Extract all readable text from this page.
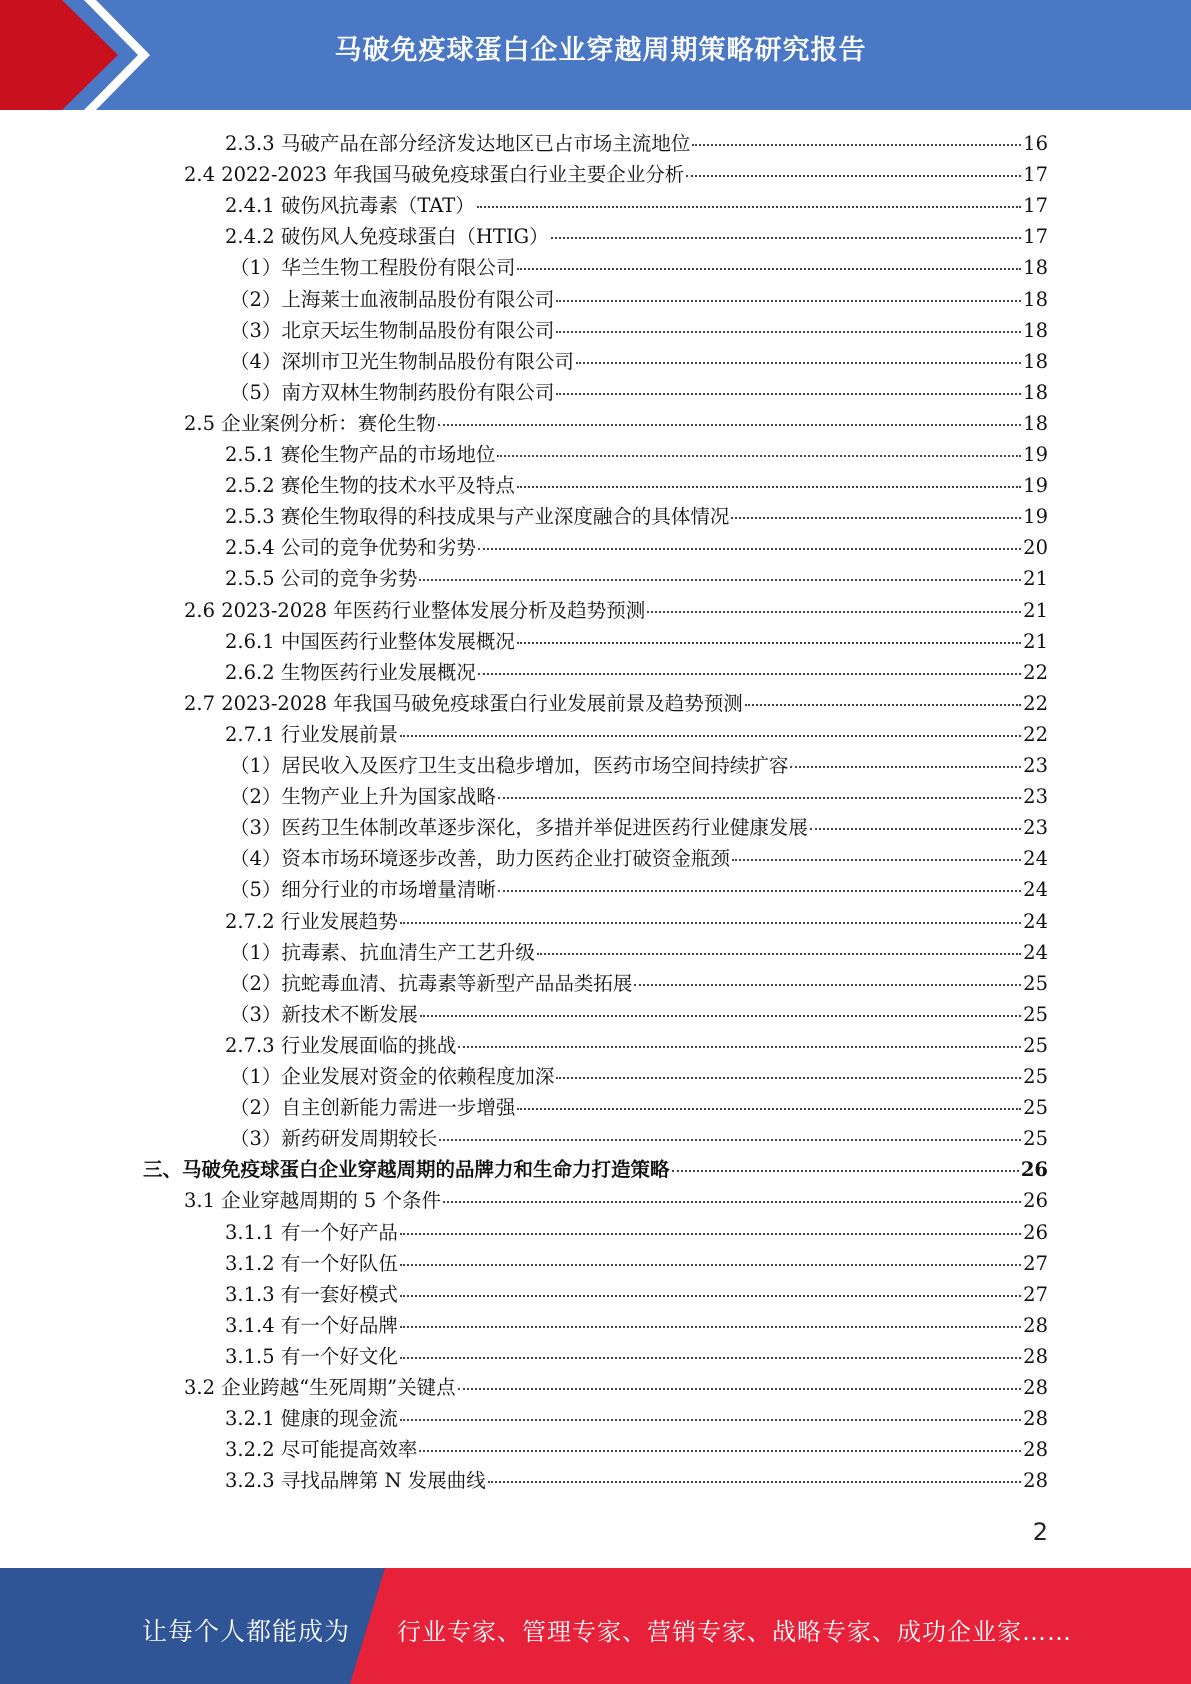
马破免疫球蛋白企业穿越周期策略研究报告
2.3.3 马破产品在部分经济发达地区已占市场主流地位	16
2.4 2022-2023 年我国马破免疫球蛋白行业主要企业分析	17
2.4.1 破伤风抗毒素（TAT）	17
2.4.2 破伤风人免疫球蛋白（HTIG）	17
（1）华兰生物工程股份有限公司	18
（2）上海莱士血液制品股份有限公司	18
（3）北京天坛生物制品股份有限公司	18
（4）深圳市卫光生物制品股份有限公司	18
（5）南方双林生物制药股份有限公司	18
2.5 企业案例分析：赛伦生物	18
2.5.1 赛伦生物产品的市场地位	19
2.5.2 赛伦生物的技术水平及特点	19
2.5.3 赛伦生物取得的科技成果与产业深度融合的具体情况	19
2.5.4 公司的竞争优势和劣势	20
2.5.5 公司的竞争劣势	21
2.6 2023-2028 年医药行业整体发展分析及趋势预测	21
2.6.1 中国医药行业整体发展概况	21
2.6.2 生物医药行业发展概况	22
2.7 2023-2028 年我国马破免疫球蛋白行业发展前景及趋势预测	22
2.7.1 行业发展前景	22
（1）居民收入及医疗卫生支出稳步增加，医药市场空间持续扩容	23
（2）生物产业上升为国家战略	23
（3）医药卫生体制改革逐步深化，多措并举促进医药行业健康发展	23
（4）资本市场环境逐步改善，助力医药企业打破资金瓶颈	24
（5）细分行业的市场增量清晰	24
2.7.2 行业发展趋势	24
（1）抗毒素、抗血清生产工艺升级	24
（2）抗蛇毒血清、抗毒素等新型产品品类拓展	25
（3）新技术不断发展	25
2.7.3 行业发展面临的挑战	25
（1）企业发展对资金的依赖程度加深	25
（2）自主创新能力需进一步增强	25
（3）新药研发周期较长	25
三、马破免疫球蛋白企业穿越周期的品牌力和生命力打造策略	26
3.1 企业穿越周期的 5 个条件	26
3.1.1 有一个好产品	26
3.1.2 有一个好队伍	27
3.1.3 有一套好模式	27
3.1.4 有一个好品牌	28
3.1.5 有一个好文化	28
3.2 企业跨越“生死周期”关键点	28
3.2.1 健康的现金流	28
3.2.2 尽可能提高效率	28
3.2.3 寻找品牌第 N 发展曲线	28
2
让每个人都能成为 行业专家、管理专家、营销专家、战略专家、成功企业家……
